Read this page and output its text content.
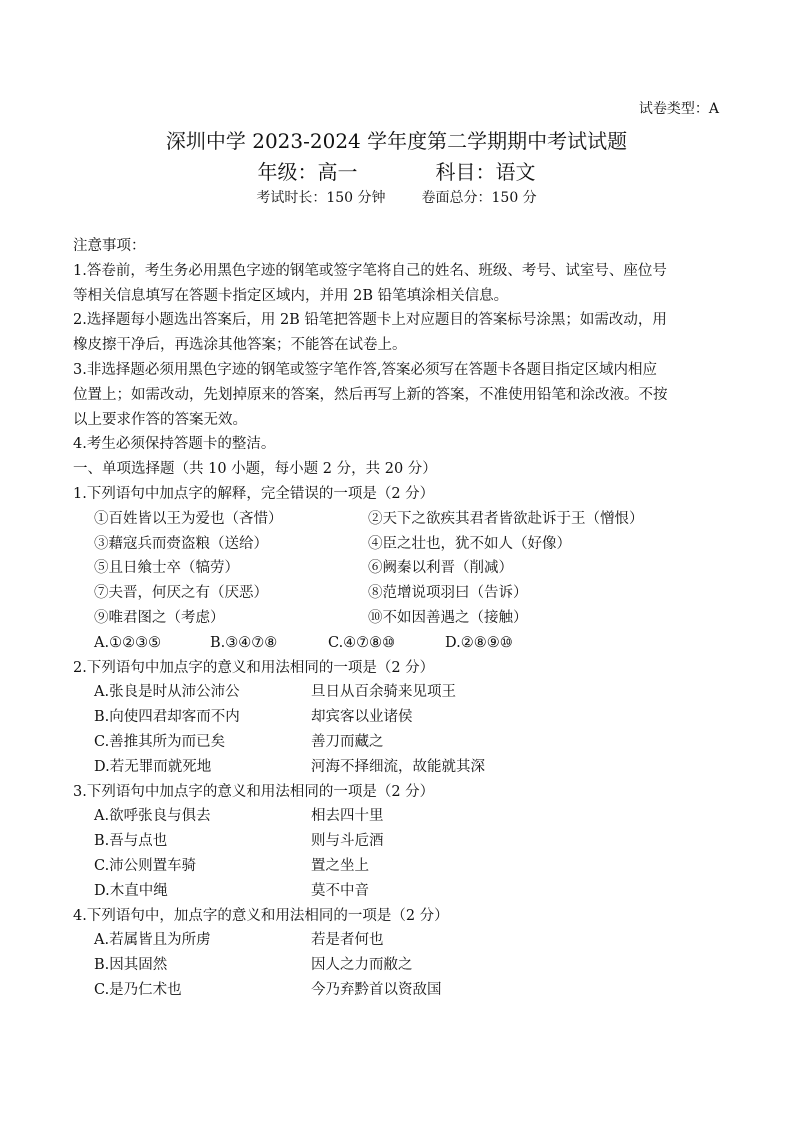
试卷类型：A
深圳中学 2023-2024 学年度第二学期期中考试试题
年级：高一	科目：语文
考试时长：150 分钟	卷面总分：150 分
注意事项：
1.答卷前，考生务必用黑色字迹的钢笔或签字笔将自己的姓名、班级、考号、试室号、座位号
等相关信息填写在答题卡指定区域内，并用 2B 铅笔填涂相关信息。
2.选择题每小题选出答案后，用 2B 铅笔把答题卡上对应题目的答案标号涂黑；如需改动，用
橡皮擦干净后，再选涂其他答案；不能答在试卷上。
3.非选择题必须用黑色字迹的钢笔或签字笔作答,答案必须写在答题卡各题目指定区域内相应
位置上；如需改动，先划掉原来的答案，然后再写上新的答案，不准使用铅笔和涂改液。不按
以上要求作答的答案无效。
4.考生必须保持答题卡的整洁。
一、单项选择题（共 10 小题，每小题 2 分，共 20 分）
1.下列语句中加点字的解释，完全错误的一项是（2 分）
①百姓皆以王为爱也（吝惜）	②天下之欲疾其君者皆欲赴诉于王（憎恨）
③藉寇兵而赍盗粮（送给）	④臣之壮也，犹不如人（好像）
⑤且日飨士卒（犒劳）	⑥阙秦以利晋（削减）
⑦夫晋，何厌之有（厌恶）	⑧范增说项羽曰（告诉）
⑨唯君图之（考虑）	⑩不如因善遇之（接触）
A.①②③⑤	B.③④⑦⑧	C.④⑦⑧⑩	D.②⑧⑨⑩
2.下列语句中加点字的意义和用法相同的一项是（2 分）
A.张良是时从沛公沛公	旦日从百余骑来见项王
B.向使四君却客而不内	却宾客以业诸侯
C.善推其所为而已矣	善刀而藏之
D.若无罪而就死地	河海不择细流，故能就其深
3.下列语句中加点字的意义和用法相同的一项是（2 分）
A.欲呼张良与俱去	相去四十里
B.吾与点也	则与斗卮酒
C.沛公则置车骑	置之坐上
D.木直中绳	莫不中音
4.下列语句中，加点字的意义和用法相同的一项是（2 分）
A.若属皆且为所虏	若是者何也
B.因其固然	因人之力而敝之
C.是乃仁术也	今乃弃黔首以资敌国
